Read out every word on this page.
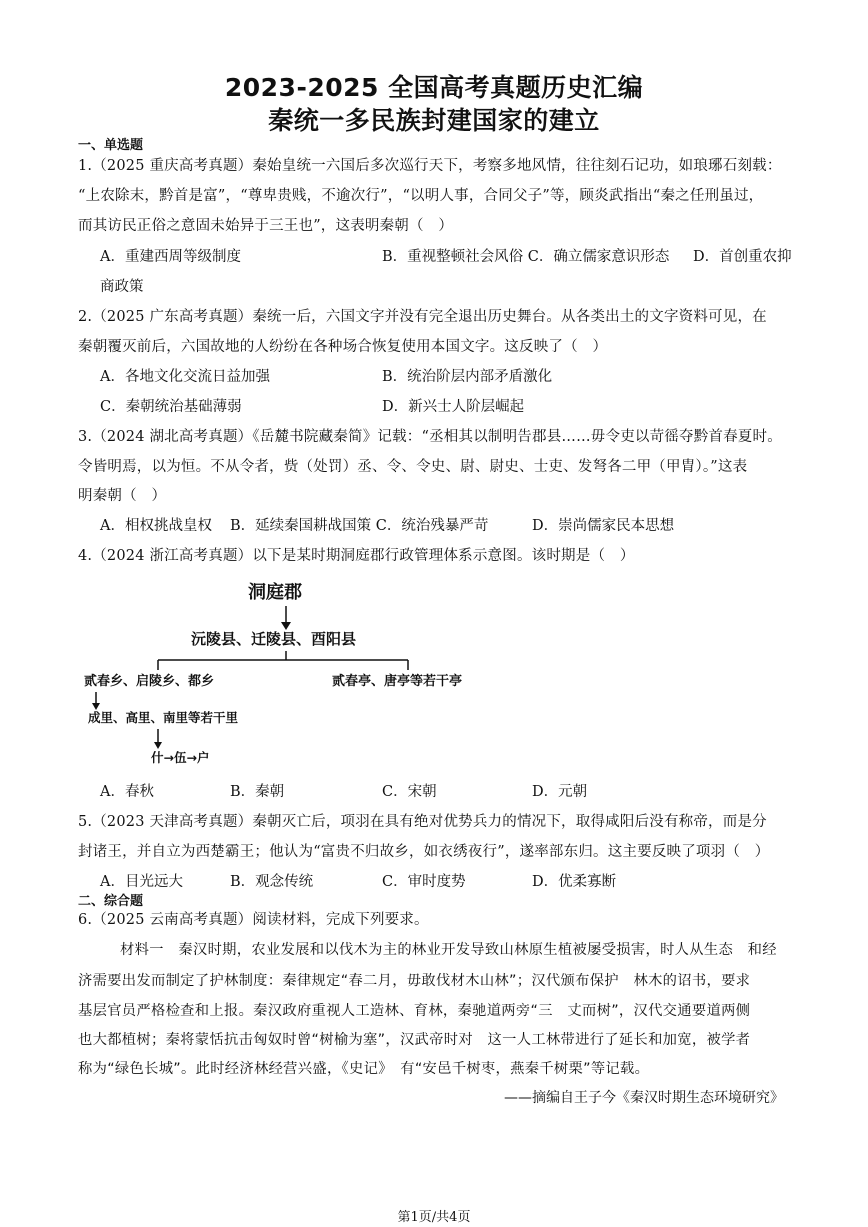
2023-2025 全国高考真题历史汇编
秦统一多民族封建国家的建立
一、单选题
1.（2025 重庆高考真题）秦始皇统一六国后多次巡行天下，考察多地风情，往往刻石记功，如琅琊石刻载：
“上农除末，黔首是富”，“尊卑贵贱，不逾次行”，“以明人事，合同父子”等，顾炎武指出“秦之任刑虽过，
而其访民正俗之意固未始异于三王也”，这表明秦朝（　）
A．重建西周等级制度	B．重视整顿社会风俗 C．确立儒家意识形态 D．首创重农抑
商政策
2.（2025 广东高考真题）秦统一后，六国文字并没有完全退出历史舞台。从各类出土的文字资料可见，在
秦朝覆灭前后，六国故地的人纷纷在各种场合恢复使用本国文字。这反映了（　）
A．各地文化交流日益加强	B．统治阶层内部矛盾激化
C．秦朝统治基础薄弱	D．新兴士人阶层崛起
3.（2024 湖北高考真题）《岳麓书院藏秦简》记载：“丞相其以制明告郡县……毋令吏以苛徭夺黔首春夏时。
令皆明焉，以为恒。不从令者，赀（处罚）丞、令、令史、尉、尉史、士吏、发弩各二甲（甲胄）。”这表
明秦朝（　）
A．相权挑战皇权 B．延续秦国耕战国策 C．统治残暴严苛	D．崇尚儒家民本思想
4.（2024 浙江高考真题）以下是某时期洞庭郡行政管理体系示意图。该时期是（　）
洞庭郡
沅陵县、迁陵县、酉阳县
贰春乡、启陵乡、都乡	贰春亭、唐亭等若干亭
成里、高里、南里等若干里
什→伍→户
A．春秋	B．秦朝	C．宋朝	D．元朝
5.（2023 天津高考真题）秦朝灭亡后，项羽在具有绝对优势兵力的情况下，取得咸阳后没有称帝，而是分
封诸王，并自立为西楚霸王；他认为“富贵不归故乡，如衣绣夜行”，遂率部东归。这主要反映了项羽（　）
A．目光远大	B．观念传统	C．审时度势	D．优柔寡断
二、综合题
6.（2025 云南高考真题）阅读材料，完成下列要求。
材料一　秦汉时期，农业发展和以伐木为主的林业开发导致山林原生植被屡受损害，时人从生态　和经
济需要出发而制定了护林制度：秦律规定“春二月，毋敢伐材木山林”；汉代颁布保护　林木的诏书，要求
基层官员严格检查和上报。秦汉政府重视人工造林、育林，秦驰道两旁“三　丈而树”，汉代交通要道两侧
也大都植树；秦将蒙恬抗击匈奴时曾“树榆为塞”，汉武帝时对　这一人工林带进行了延长和加宽，被学者
称为“绿色长城”。此时经济林经营兴盛，《史记》　有“安邑千树枣，燕秦千树栗”等记载。
——摘编自王子今《秦汉时期生态环境研究》
第1页/共4页
